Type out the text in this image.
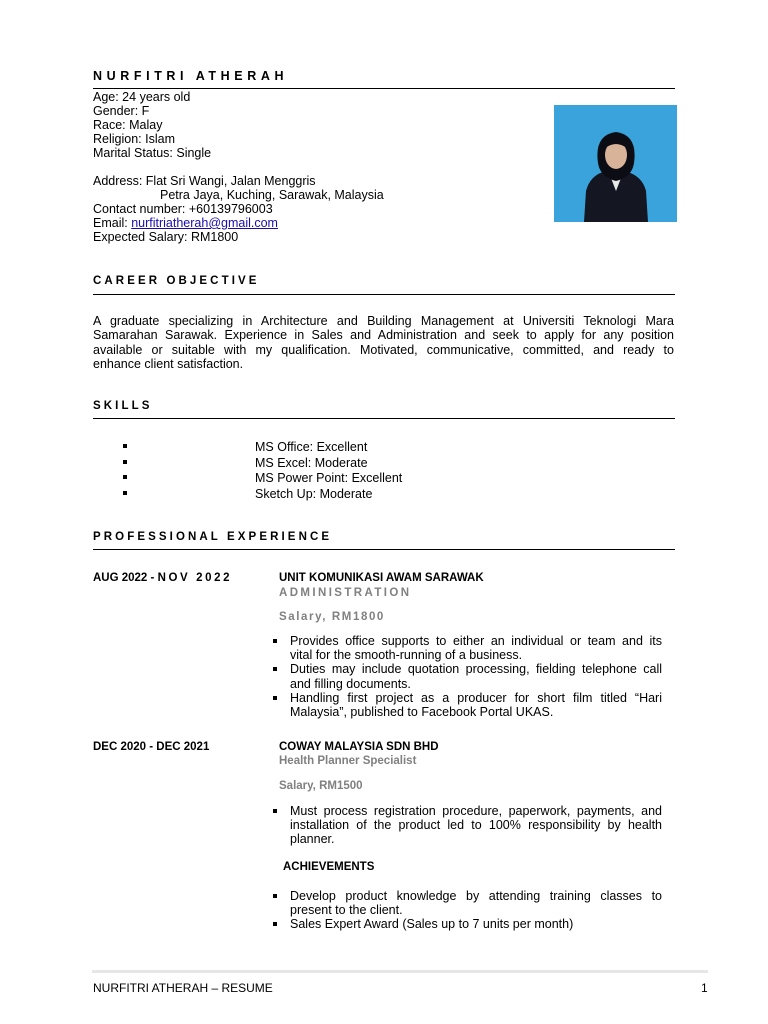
NURFITRI ATHERAH
Age: 24 years old
Gender: F
Race: Malay
Religion: Islam
Marital Status: Single
Address: Flat Sri Wangi, Jalan Menggris
Petra Jaya, Kuching, Sarawak, Malaysia
Contact number: +60139796003
Email: nurfitriatherah@gmail.com
Expected Salary: RM1800
CAREER OBJECTIVE
A graduate specializing in Architecture and Building Management at Universiti Teknologi Mara
Samarahan Sarawak. Experience in Sales and Administration and seek to apply for any position
available or suitable with my qualification. Motivated, communicative, committed, and ready to
enhance client satisfaction.
SKILLS
MS Office: Excellent
MS Excel: Moderate
MS Power Point: Excellent
Sketch Up: Moderate
PROFESSIONAL EXPERIENCE
AUG 2022 - NOV 2022	UNIT KOMUNIKASI AWAM SARAWAK
ADMINISTRATION
Salary, RM1800
Provides office supports to either an individual or team and its
vital for the smooth-running of a business.
Duties may include quotation processing, fielding telephone call
and filling documents.
Handling first project as a producer for short film titled “Hari
Malaysia”, published to Facebook Portal UKAS.
DEC 2020 - DEC 2021	COWAY MALAYSIA SDN BHD
Health Planner Specialist
Salary, RM1500
Must process registration procedure, paperwork, payments, and
installation of the product led to 100% responsibility by health
planner.
ACHIEVEMENTS
Develop product knowledge by attending training classes to
present to the client.
Sales Expert Award (Sales up to 7 units per month)
NURFITRI ATHERAH – RESUME	1
